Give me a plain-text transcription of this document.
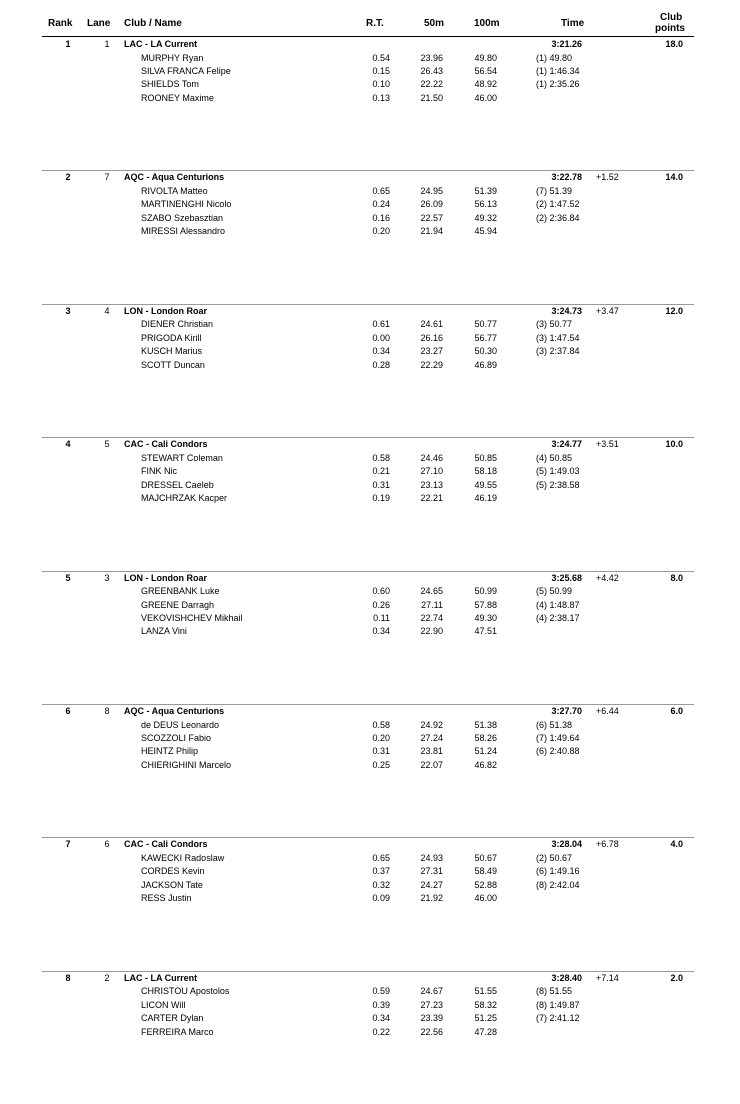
Rank Lane Club / Name	R.T.	50m	100m	Time
Club
points
1	1	LAC - LA Current	3:21.26	18.0
MURPHY Ryan	0.54	23.96	49.80	(1) 49.80
SILVA FRANCA Felipe	0.15	26.43	56.54	(1) 1:46.34
SHIELDS Tom	0.10	22.22	48.92	(1) 2:35.26
ROONEY Maxime	0.13	21.50	46.00
2	7	AQC - Aqua Centurions	3:22.78 +1.52	14.0
RIVOLTA Matteo	0.65	24.95	51.39	(7) 51.39
MARTINENGHI Nicolo	0.24	26.09	56.13	(2) 1:47.52
SZABO Szebasztian	0.16	22.57	49.32	(2) 2:36.84
MIRESSI Alessandro	0.20	21.94	45.94
3	4	LON - London Roar	3:24.73 +3.47	12.0
DIENER Christian	0.61	24.61	50.77	(3) 50.77
PRIGODA Kirill	0.00	26.16	56.77	(3) 1:47.54
KUSCH Marius	0.34	23.27	50.30	(3) 2:37.84
SCOTT Duncan	0.28	22.29	46.89
4	5	CAC - Cali Condors	3:24.77 +3.51	10.0
STEWART Coleman	0.58	24.46	50.85	(4) 50.85
FINK Nic	0.21	27.10	58.18	(5) 1:49.03
DRESSEL Caeleb	0.31	23.13	49.55	(5) 2:38.58
MAJCHRZAK Kacper	0.19	22.21	46.19
5	3	LON - London Roar	3:25.68 +4.42	8.0
GREENBANK Luke	0.60	24.65	50.99	(5) 50.99
GREENE Darragh	0.26	27.11	57.88	(4) 1:48.87
VEKOVISHCHEV Mikhail	0.11	22.74	49.30	(4) 2:38.17
LANZA Vini	0.34	22.90	47.51
6	8	AQC - Aqua Centurions	3:27.70 +6.44	6.0
de DEUS Leonardo	0.58	24.92	51.38	(6) 51.38
SCOZZOLI Fabio	0.20	27.24	58.26	(7) 1:49.64
HEINTZ Philip	0.31	23.81	51.24	(6) 2:40.88
CHIERIGHINI Marcelo	0.25	22.07	46.82
7	6	CAC - Cali Condors	3:28.04 +6.78	4.0
KAWECKI Radoslaw	0.65	24.93	50.67	(2) 50.67
CORDES Kevin	0.37	27.31	58.49	(6) 1:49.16
JACKSON Tate	0.32	24.27	52.88	(8) 2:42.04
RESS Justin	0.09	21.92	46.00
8	2	LAC - LA Current	3:28.40 +7.14	2.0
CHRISTOU Apostolos	0.59	24.67	51.55	(8) 51.55
LICON Will	0.39	27.23	58.32	(8) 1:49.87
CARTER Dylan	0.34	23.39	51.25	(7) 2:41.12
FERREIRA Marco	0.22	22.56	47.28
